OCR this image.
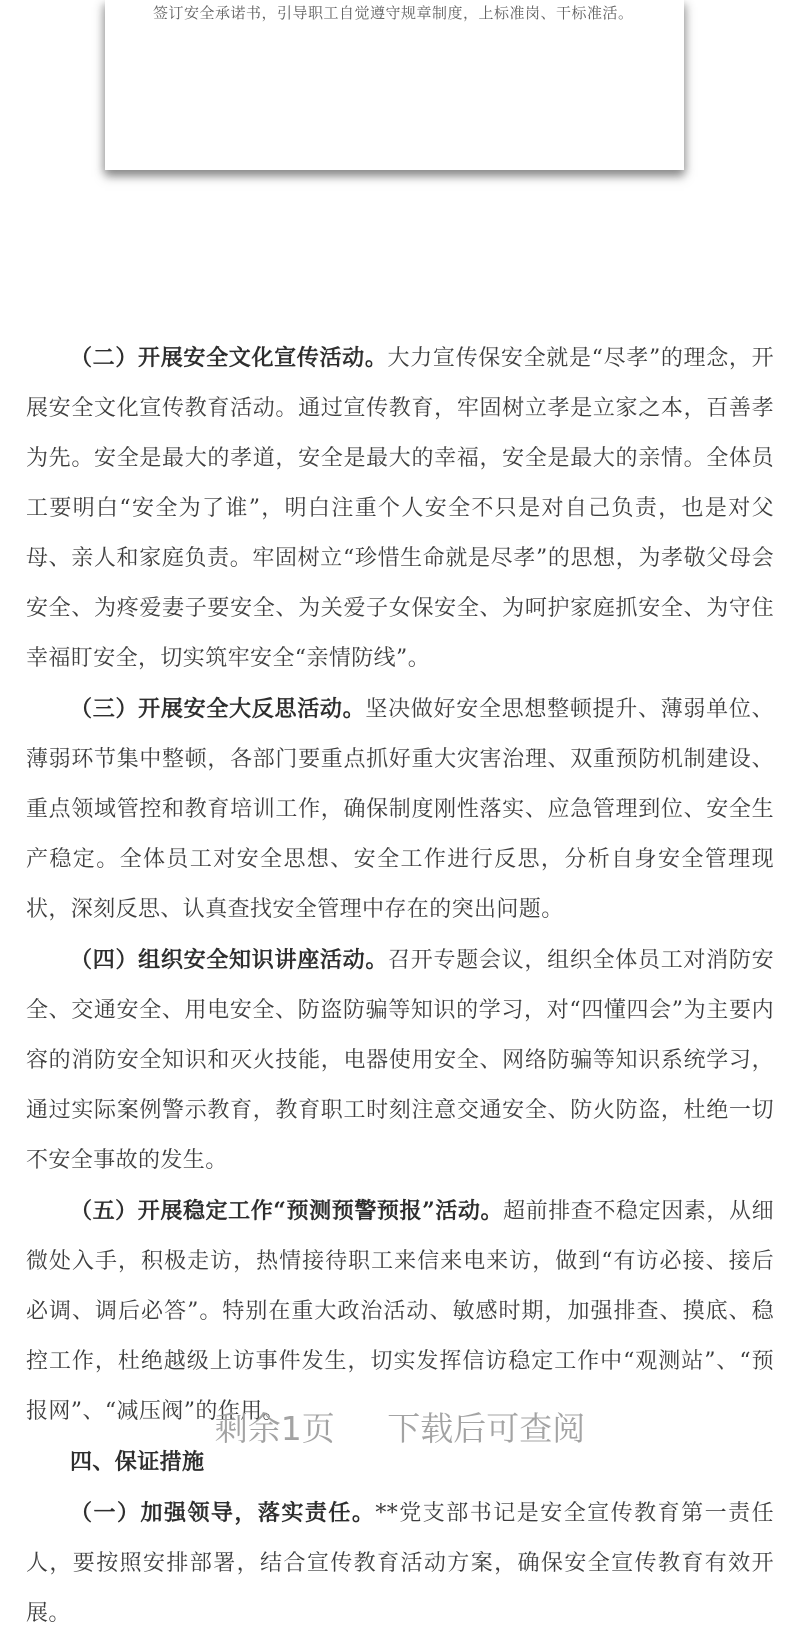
签订安全承诺书，引导职工自觉遵守规章制度，上标准岗、干标准活。

（二）开展安全文化宣传活动。大力宣传保安全就是“尽孝”的理念，开展安全文化宣传教育活动。通过宣传教育，牢固树立孝是立家之本，百善孝为先。安全是最大的孝道，安全是最大的幸福，安全是最大的亲情。全体员工要明白“安全为了谁”，明白注重个人安全不只是对自己负责，也是对父母、亲人和家庭负责。牢固树立“珍惜生命就是尽孝”的思想，为孝敬父母会安全、为疼爱妻子要安全、为关爱子女保安全、为呵护家庭抓安全、为守住幸福盯安全，切实筑牢安全“亲情防线”。

（三）开展安全大反思活动。坚决做好安全思想整顿提升、薄弱单位、薄弱环节集中整顿，各部门要重点抓好重大灾害治理、双重预防机制建设、重点领域管控和教育培训工作，确保制度刚性落实、应急管理到位、安全生产稳定。全体员工对安全思想、安全工作进行反思，分析自身安全管理现状，深刻反思、认真查找安全管理中存在的突出问题。

（四）组织安全知识讲座活动。召开专题会议，组织全体员工对消防安全、交通安全、用电安全、防盗防骗等知识的学习，对“四懂四会”为主要内容的消防安全知识和灭火技能，电器使用安全、网络防骗等知识系统学习，通过实际案例警示教育，教育职工时刻注意交通安全、防火防盗，杜绝一切不安全事故的发生。

（五）开展稳定工作“预测预警预报”活动。超前排查不稳定因素，从细微处入手，积极走访，热情接待职工来信来电来访，做到“有访必接、接后必调、调后必答”。特别在重大政治活动、敏感时期，加强排查、摸底、稳控工作，杜绝越级上访事件发生，切实发挥信访稳定工作中“观测站”、“预报网”、“减压阀”的作用。

四、保证措施

（一）加强领导，落实责任。**党支部书记是安全宣传教育第一责任人，要按照安排部署，结合宣传教育活动方案，确保安全宣传教育有效开展。

剩余1页 下载后可查阅
